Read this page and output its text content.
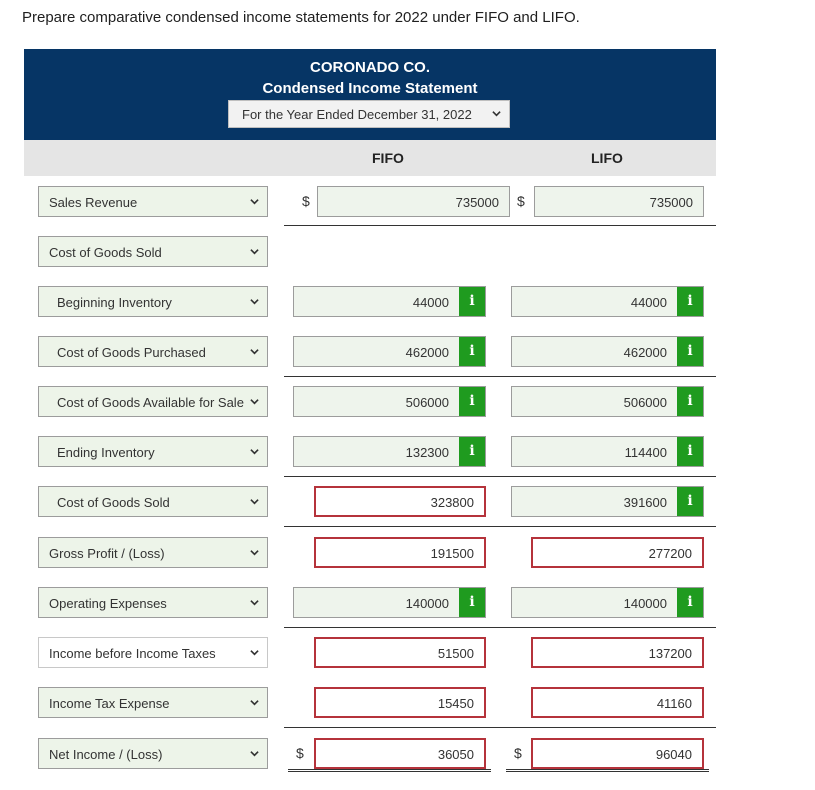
Prepare comparative condensed income statements for 2022 under FIFO and LIFO.
CORONADO CO.
Condensed Income Statement
For the Year Ended December 31, 2022
FIFO	LIFO
Sales Revenue	$	735000 $	735000
Cost of Goods Sold
Beginning Inventory	44000	i	44000	i
Cost of Goods Purchased	462000	i	462000	i
Cost of Goods Available for Sale	506000	i	506000	i
Ending Inventory	132300	i	114400	i
Cost of Goods Sold	323800	391600	i
Gross Profit / (Loss)	191500	277200
Operating Expenses	140000	i	140000	i
Income before Income Taxes	51500	137200
Income Tax Expense	15450	41160
Net Income / (Loss)	$	36050	$	96040
